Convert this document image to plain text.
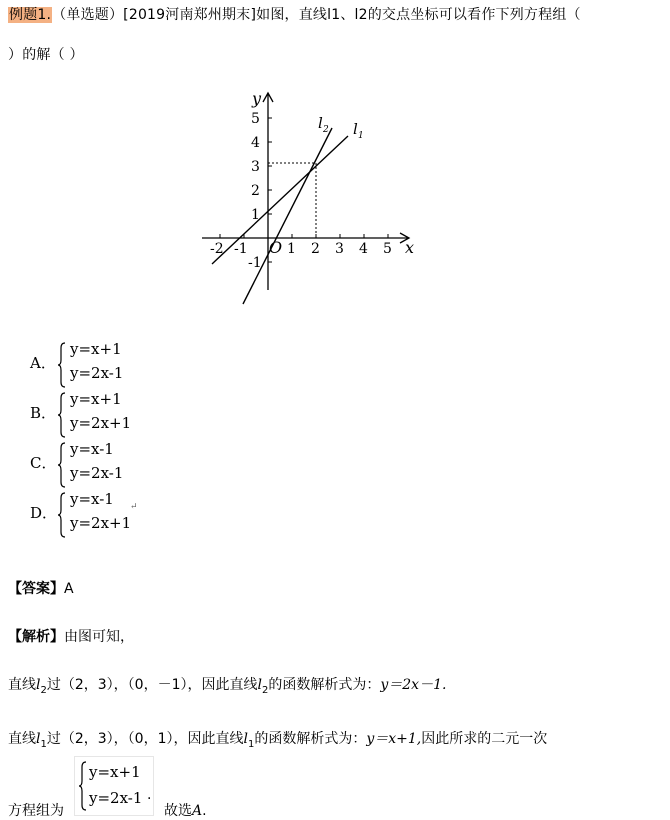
例题1.（单选题）[2019河南郑州期末]如图，直线l1、l2的交点坐标可以看作下列方程组（
）的解（ ）
-2 -1	1 2 3 4 5
5
4
3
2
1
-1
y
x
O
l 2 l 1
A．
y=x+1
y=2x-1
B．
y=x+1
y=2x+1
C．
y=x-1
y=2x-1
D．
y=x-1
y=2x+1
↵
【答案】A
【解析】由图可知，
直线$l_2$过（2，3），（0，－1），因此直线$l_2$的函数解析式为：y＝2x－1.
直线$l_1$过（2，3），（0，1），因此直线$l_1$的函数解析式为：y＝x+1,因此所求的二元一次
方程组为
y=x+1
y=2x-1 .
故选A.
